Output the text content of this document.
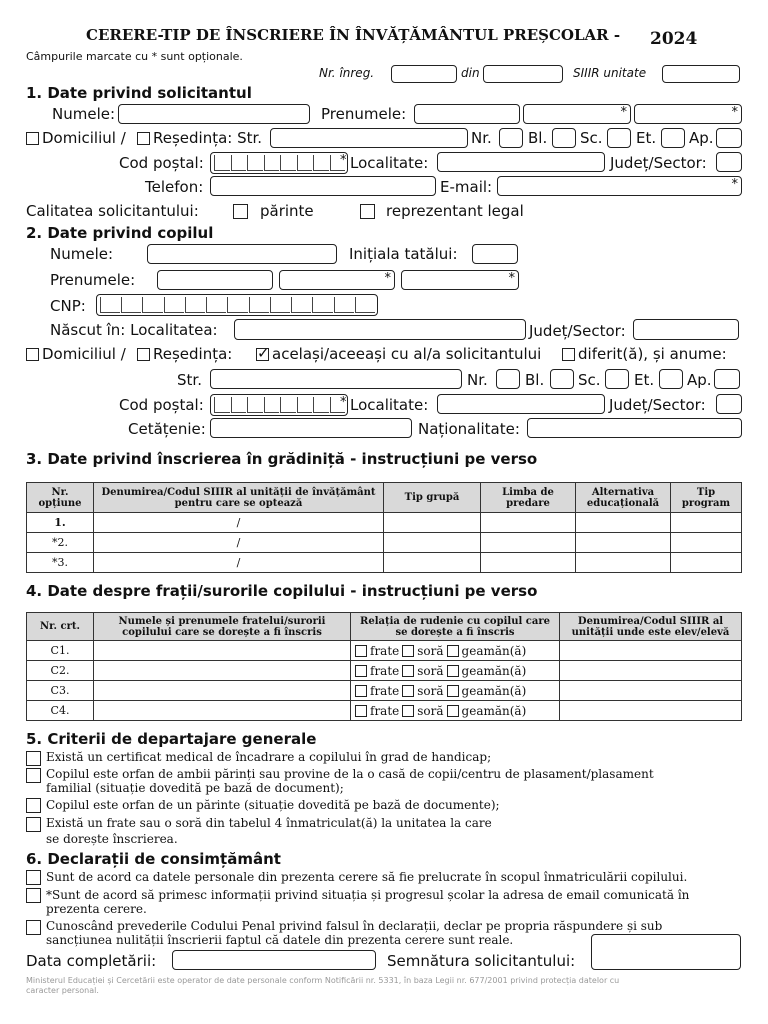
CERERE-TIP DE ÎNSCRIERE ÎN ÎNVĂȚĂMÂNTUL PREȘCOLAR - 2024
Câmpurile marcate cu * sunt opționale.
Nr. înreg.	din	SIIIR unitate
1. Date privind solicitantul
Numele:	Prenumele:
*
*
Domiciliul / Reședința: Str.	Nr. Bl. Sc. Et. Ap.
Cod poștal:	* Localitate:	Județ/Sector:
Telefon:	E-mail:
*
Calitatea solicitantului:	părinte	reprezentant legal
2. Date privind copilul
Numele:	Inițiala tatălui:
Prenumele:
*
*
CNP:
Născut în: Localitatea:	Județ/Sector:
Domiciliul / Reședința: ✓	același/aceeași cu al/a solicitantului diferit(ă), și anume:
Str.	Nr. Bl. Sc. Et. Ap.
Cod poștal:	* Localitate:	Județ/Sector:
Cetățenie:	Naționalitate:
3. Date privind înscrierea în grădiniță - instrucțiuni pe verso
Nr. opțiune	Denumirea/Codul SIIIR al unității de învățământ pentru care se optează	Tip grupă	Limba de predare	Alternativa educațională	Tip program
1.	/				
*2.	/				
*3.	/				
4. Date despre frații/surorile copilului - instrucțiuni pe verso
Nr. crt.	Numele și prenumele fratelui/surorii copilului care se dorește a fi înscris	Relația de rudenie cu copilul care se dorește a fi înscris	Denumirea/Codul SIIIR al unității unde este elev/elevă
C1.		frate soră geamăn(ă)	

C2.		frate soră geamăn(ă)	

C3.		frate soră geamăn(ă)	

C4.		frate soră geamăn(ă)	

5. Criterii de departajare generale
Există un certificat medical de încadrare a copilului în grad de handicap;
Copilul este orfan de ambii părinți sau provine de la o casă de copii/centru de plasament/plasament
familial (situație dovedită pe bază de document);
Copilul este orfan de un părinte (situație dovedită pe bază de documente);
Există un frate sau o soră din tabelul 4 înmatriculat(ă) la unitatea la care
se dorește înscrierea.
6. Declarații de consimțământ
Sunt de acord ca datele personale din prezenta cerere să fie prelucrate în scopul înmatriculării copilului.
*Sunt de acord să primesc informații privind situația și progresul școlar la adresa de email comunicată în
prezenta cerere.
Cunoscând prevederile Codului Penal privind falsul în declarații, declar pe propria răspundere și sub
sancțiunea nulității înscrierii faptul că datele din prezenta cerere sunt reale.
Data completării:	Semnătura solicitantului:
Ministerul Educației și Cercetării este operator de date personale conform Notificării nr. 5331, în baza Legii nr. 677/2001 privind protecția datelor cu
caracter personal.
